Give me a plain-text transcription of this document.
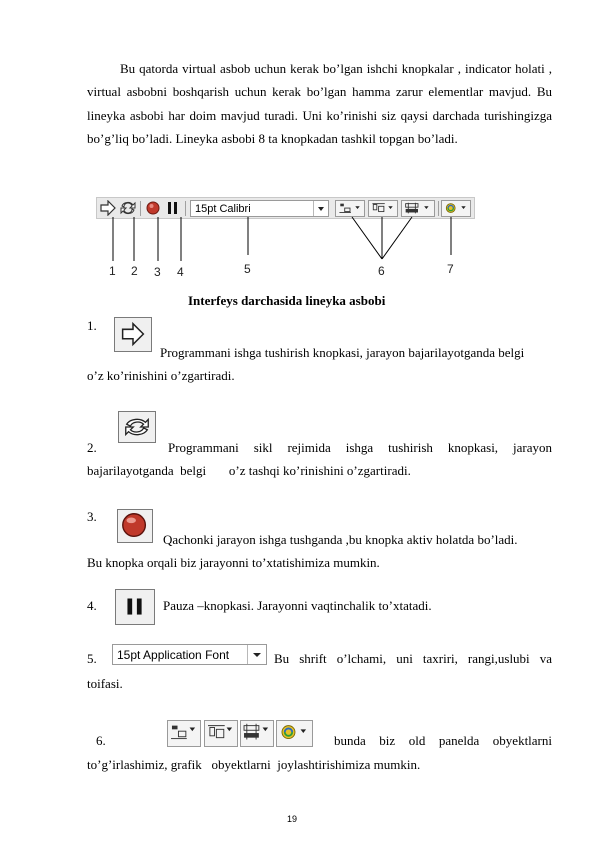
Bu qatorda virtual asbob uchun kerak bo’lgan ishchi knopkalar , indicator holati , virtual asbobni boshqarish uchun kerak bo’lgan hamma zarur elementlar mavjud. Bu lineyka asbobi har doim mavjud turadi. Uni ko’rinishi siz qaysi darchada turishingizga bo’g’liq bo’ladi. Lineyka asbobi 8 ta knopkadan tashkil topgan bo’ladi.
15pt Calibri
1 2 3 4	5	6	7
Interfeys darchasida lineyka asbobi
1.
Programmani ishga tushirish knopkasi, jarayon bajarilayotganda belgi
o’z ko’rinishini o’zgartiradi.
2.	Programmani sikl rejimida ishga tushirish knopkasi, jarayon
bajarilayotganda  belgi       o’z tashqi ko’rinishini o’zgartiradi.
3.
Qachonki jarayon ishga tushganda ,bu knopka aktiv holatda bo’ladi.
Bu knopka orqali biz jarayonni to’xtatishimiza mumkin.
4.	Pauza –knopkasi. Jarayonni vaqtinchalik to’xtatadi.
5. 15pt Application Font	Bu shrift o’lchami, uni taxriri, rangi,uslubi va
toifasi.
6.	bunda biz old panelda obyektlarni
to’g’irlashimiz, grafik   obyektlarni  joylashtirishimiza mumkin.
19
